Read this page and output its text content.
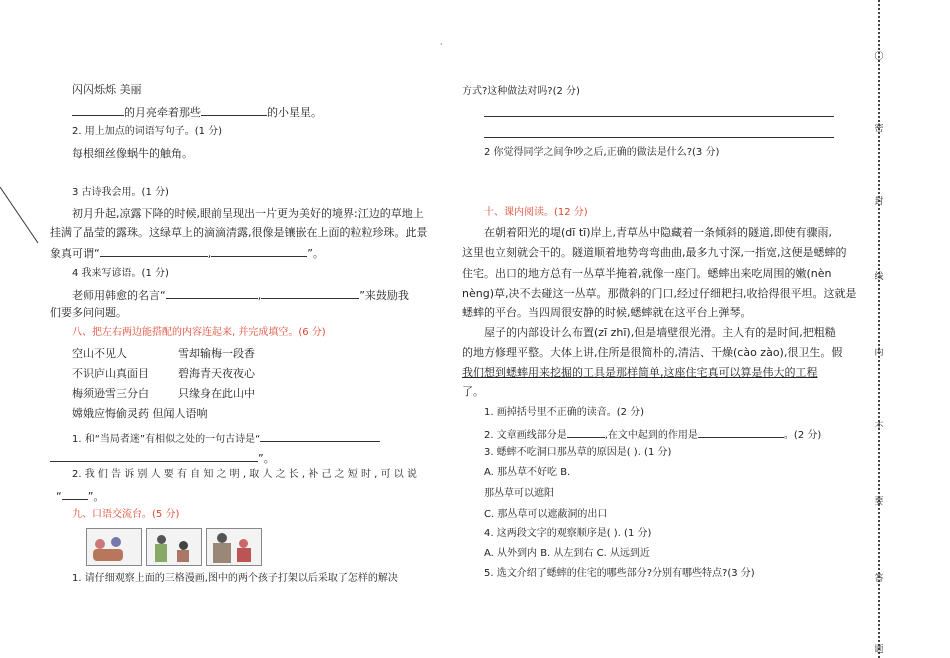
·
闪闪烁烁 美丽
的月亮牵着那些	的小星星。
2. 用上加点的词语写句子。(1 分)
每根细丝像蜗牛的触角。
3 古诗我会用。(1 分)
初月升起,凉露下降的时候,眼前呈现出一片更为美好的境界:江边的草地上
挂满了晶莹的露珠。这绿草上的滴滴清露,很像是镶嵌在上面的粒粒珍珠。此景
象真可谓“	,	”。
4 我来写谚语。(1 分)
老师用韩愈的名言“	,	”来鼓励我
们要多问问题。
八、把左右两边能搭配的内容连起来, 并完成填空。(6 分)
空山不见人
不识庐山真面目
梅须逊雪三分白
嫦娥应悔偷灵药 但闻人语响
雪却输梅一段香
碧海青天夜夜心
只缘身在此山中
1. 和“当局者迷”有相似之处的一句古诗是“
”。
2. 我 们 告 诉 别 人 要 有 自 知 之 明 , 取 人 之 长 , 补 己 之 短 时 , 可 以 说
“ ”。
九、口语交流台。(5 分)
1. 请仔细观察上面的三格漫画,图中的两个孩子打架以后采取了怎样的解决
方式?这种做法对吗?(2 分)
2 你觉得同学之间争吵之后,正确的做法是什么?(3 分)
十、课内阅读。(12 分)
在朝着阳光的堤(dī tī)岸上,青草丛中隐藏着一条倾斜的隧道,即使有骤雨,
这里也立刻就会干的。隧道顺着地势弯弯曲曲,最多九寸深,一指宽,这便是蟋蟀的
住宅。出口的地方总有一丛草半掩着,就像一座门。蟋蟀出来吃周围的嫩(nèn
nèng)草,决不去碰这一丛草。那微斜的门口,经过仔细耙扫,收拾得很平坦。这就是
蟋蟀的平台。当四周很安静的时候,蟋蟀就在这平台上弹琴。
屋子的内部设计么布置(zī zhī),但是墙壁很光滑。主人有的是时间,把粗糙
的地方修理平整。大体上讲,住所是很简朴的,清洁、干燥(cào zào),很卫生。假
我们想到蟋蟀用来挖掘的工具是那样简单,这座住宅真可以算是伟大的工程
了。
1. 画掉括号里不正确的读音。(2 分)
2. 文章画线部分是	,在文中起到的作用是	。(2 分)
3. 蟋蟀不吃洞口那丛草的原因是( ). (1 分)
A. 那丛草不好吃 B.
那丛草可以遮阳
C. 那丛草可以遮蔽洞的出口
4. 这两段文字的观察顺序是( ). (1 分)
A. 从外到内 B. 从左到右 C. 从远到近
5. 选文介绍了蟋蟀的住宅的哪些部分?分别有哪些特点?(3 分)
〇
密
封
线
内
不
要
答
题
